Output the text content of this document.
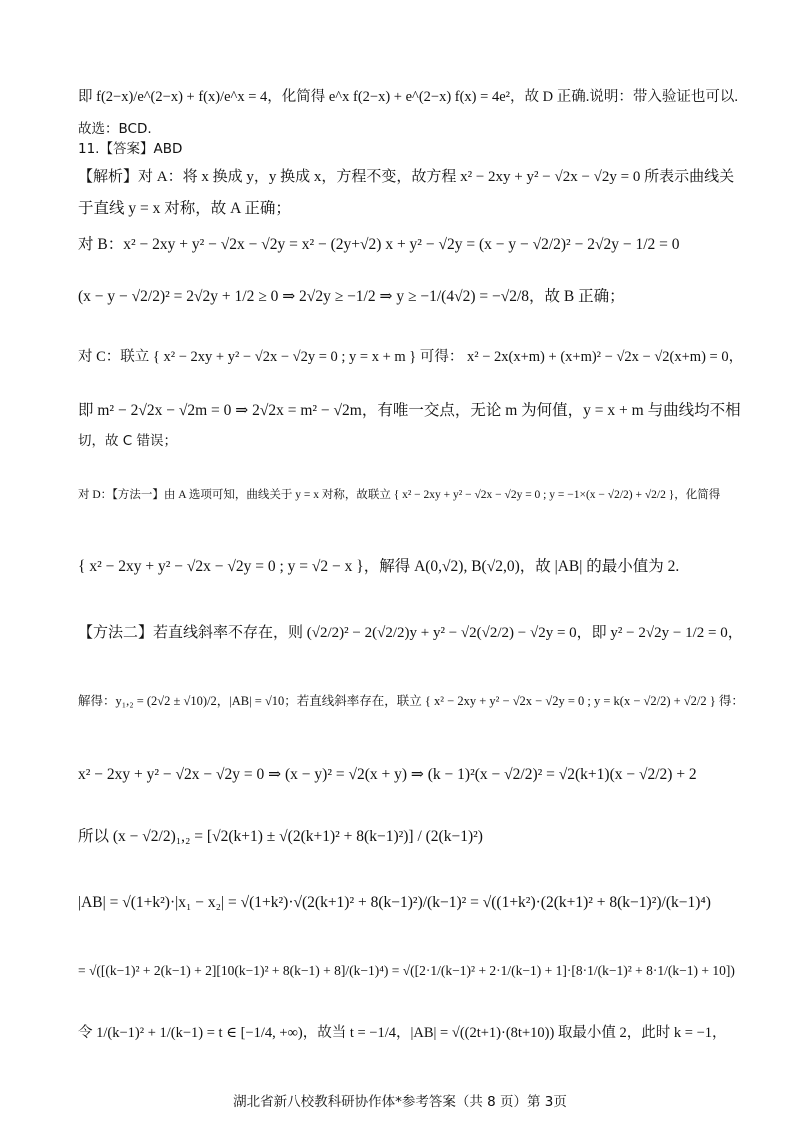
即 f(2−x)/e^(2−x) + f(x)/e^x = 4，化简得 e^x f(2−x) + e^(2−x) f(x) = 4e²，故 D 正确.说明：带入验证也可以.
故选：BCD.
11.【答案】ABD
【解析】对 A：将 x 换成 y，y 换成 x，方程不变，故方程 x² − 2xy + y² − √2x − √2y = 0 所表示曲线关
于直线 y = x 对称，故 A 正确；
对 B：x² − 2xy + y² − √2x − √2y = x² − (2y+√2) x + y² − √2y = (x − y − √2/2)² − 2√2y − 1/2 = 0
(x − y − √2/2)² = 2√2y + 1/2 ≥ 0 ⇒ 2√2y ≥ −1/2 ⇒ y ≥ −1/(4√2) = −√2/8，故 B 正确；
对 C：联立 { x² − 2xy + y² − √2x − √2y = 0 ; y = x + m } 可得： x² − 2x(x+m) + (x+m)² − √2x − √2(x+m) = 0，
即 m² − 2√2x − √2m = 0 ⇒ 2√2x = m² − √2m，有唯一交点，无论 m 为何值，y = x + m 与曲线均不相
切，故 C 错误；
对 D：【方法一】由 A 选项可知，曲线关于 y = x 对称，故联立 { x² − 2xy + y² − √2x − √2y = 0 ; y = −1×(x − √2/2) + √2/2 }，化简得
{ x² − 2xy + y² − √2x − √2y = 0 ; y = √2 − x }，解得 A(0,√2), B(√2,0)，故 |AB| 的最小值为 2.
【方法二】若直线斜率不存在，则 (√2/2)² − 2(√2/2)y + y² − √2(√2/2) − √2y = 0，即 y² − 2√2y − 1/2 = 0，
解得：y₁,₂ = (2√2 ± √10)/2，|AB| = √10；若直线斜率存在，联立 { x² − 2xy + y² − √2x − √2y = 0 ; y = k(x − √2/2) + √2/2 } 得：
x² − 2xy + y² − √2x − √2y = 0 ⇒ (x − y)² = √2(x + y) ⇒ (k − 1)²(x − √2/2)² = √2(k+1)(x − √2/2) + 2
所以 (x − √2/2)₁,₂ = [√2(k+1) ± √(2(k+1)² + 8(k−1)²)] / (2(k−1)²)
|AB| = √(1+k²)·|x₁ − x₂| = √(1+k²)·√(2(k+1)² + 8(k−1)²)/(k−1)² = √((1+k²)·(2(k+1)² + 8(k−1)²)/(k−1)⁴)
= √([(k−1)² + 2(k−1) + 2][10(k−1)² + 8(k−1) + 8]/(k−1)⁴) = √([2·1/(k−1)² + 2·1/(k−1) + 1]·[8·1/(k−1)² + 8·1/(k−1) + 10])
令 1/(k−1)² + 1/(k−1) = t ∈ [−1/4, +∞)，故当 t = −1/4，|AB| = √((2t+1)·(8t+10)) 取最小值 2，此时 k = −1，
湖北省新八校教科研协作体*参考答案（共 8 页）第 3页
